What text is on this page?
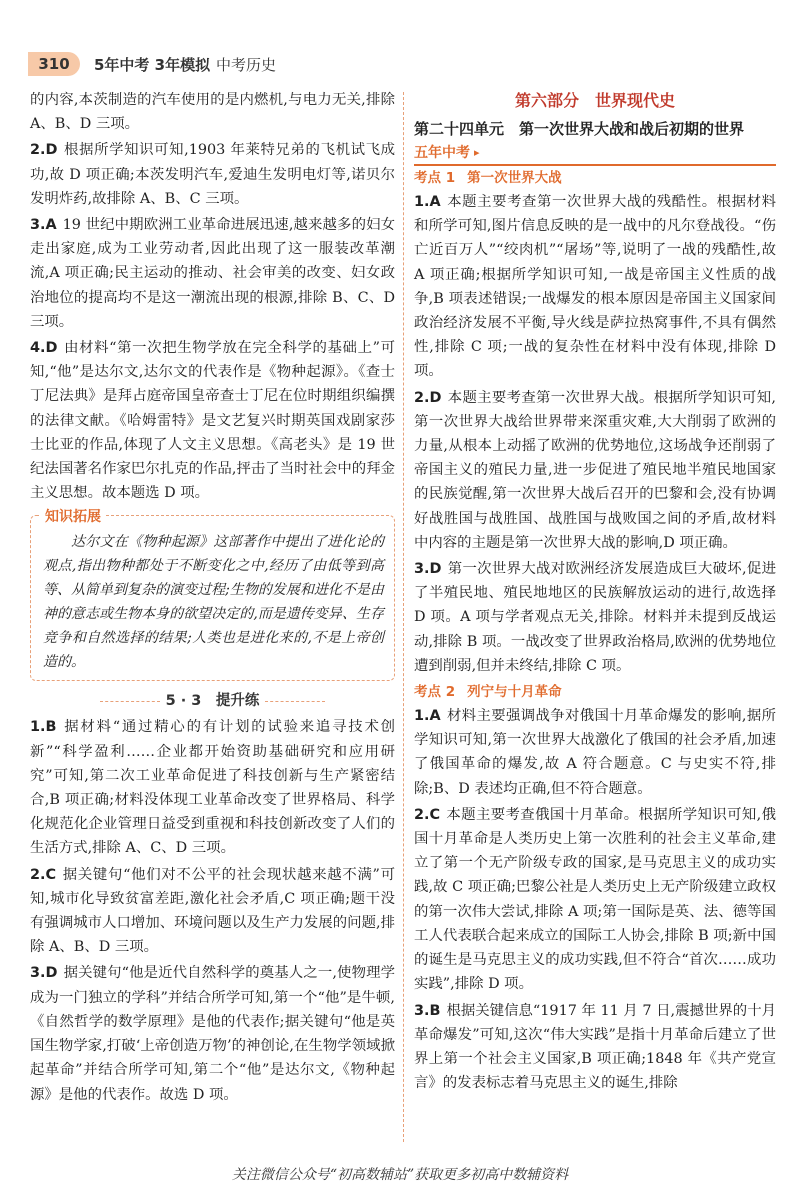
310	5年中考 3年模拟 中考历史

的内容,本茨制造的汽车使用的是内燃机,与电力无关,排除 A、B、D 三项。

2.D 根据所学知识可知,1903 年莱特兄弟的飞机试飞成功,故 D 项正确;本茨发明汽车,爱迪生发明电灯等,诺贝尔发明炸药,故排除 A、B、C 三项。

3.A 19 世纪中期欧洲工业革命进展迅速,越来越多的妇女走出家庭,成为工业劳动者,因此出现了这一服装改革潮流,A 项正确;民主运动的推动、社会审美的改变、妇女政治地位的提高均不是这一潮流出现的根源,排除 B、C、D 三项。

4.D 由材料“第一次把生物学放在完全科学的基础上”可知,“他”是达尔文,达尔文的代表作是《物种起源》。《查士丁尼法典》是拜占庭帝国皇帝查士丁尼在位时期组织编撰的法律文献。《哈姆雷特》是文艺复兴时期英国戏剧家莎士比亚的作品,体现了人文主义思想。《高老头》是 19 世纪法国著名作家巴尔扎克的作品,抨击了当时社会中的拜金主义思想。故本题选 D 项。

知识拓展

达尔文在《物种起源》这部著作中提出了进化论的观点,指出物种都处于不断变化之中,经历了由低等到高等、从简单到复杂的演变过程;生物的发展和进化不是由神的意志或生物本身的欲望决定的,而是遗传变异、生存竞争和自然选择的结果;人类也是进化来的,不是上帝创造的。

5 · 3　提升练

1.B 据材料“通过精心的有计划的试验来追寻技术创新”“科学盈利……企业都开始资助基础研究和应用研究”可知,第二次工业革命促进了科技创新与生产紧密结合,B 项正确;材料没体现工业革命改变了世界格局、科学化规范化企业管理日益受到重视和科技创新改变了人们的生活方式,排除 A、C、D 三项。

2.C 据关键句“他们对不公平的社会现状越来越不满”可知,城市化导致贫富差距,激化社会矛盾,C 项正确;题干没有强调城市人口增加、环境问题以及生产力发展的问题,排除 A、B、D 三项。

3.D 据关键句“他是近代自然科学的奠基人之一,使物理学成为一门独立的学科”并结合所学可知,第一个“他”是牛顿,《自然哲学的数学原理》是他的代表作;据关键句“他是英国生物学家,打破‘上帝创造万物’的神创论,在生物学领域掀起革命”并结合所学可知,第二个“他”是达尔文,《物种起源》是他的代表作。故选 D 项。

第六部分　世界现代史
第二十四单元　第一次世界大战和战后初期的世界
五年中考 ▸
考点 1 第一次世界大战

1.A 本题主要考查第一次世界大战的残酷性。根据材料和所学可知,图片信息反映的是一战中的凡尔登战役。“伤亡近百万人”“绞肉机”“屠场”等,说明了一战的残酷性,故 A 项正确;根据所学知识可知,一战是帝国主义性质的战争,B 项表述错误;一战爆发的根本原因是帝国主义国家间政治经济发展不平衡,导火线是萨拉热窝事件,不具有偶然性,排除 C 项;一战的复杂性在材料中没有体现,排除 D 项。

2.D 本题主要考查第一次世界大战。根据所学知识可知,第一次世界大战给世界带来深重灾难,大大削弱了欧洲的力量,从根本上动摇了欧洲的优势地位,这场战争还削弱了帝国主义的殖民力量,进一步促进了殖民地半殖民地国家的民族觉醒,第一次世界大战后召开的巴黎和会,没有协调好战胜国与战胜国、战胜国与战败国之间的矛盾,故材料中内容的主题是第一次世界大战的影响,D 项正确。

3.D 第一次世界大战对欧洲经济发展造成巨大破坏,促进了半殖民地、殖民地地区的民族解放运动的进行,故选择 D 项。A 项与学者观点无关,排除。材料并未提到反战运动,排除 B 项。一战改变了世界政治格局,欧洲的优势地位遭到削弱,但并未终结,排除 C 项。

考点 2 列宁与十月革命

1.A 材料主要强调战争对俄国十月革命爆发的影响,据所学知识可知,第一次世界大战激化了俄国的社会矛盾,加速了俄国革命的爆发,故 A 符合题意。C 与史实不符,排除;B、D 表述均正确,但不符合题意。

2.C 本题主要考查俄国十月革命。根据所学知识可知,俄国十月革命是人类历史上第一次胜利的社会主义革命,建立了第一个无产阶级专政的国家,是马克思主义的成功实践,故 C 项正确;巴黎公社是人类历史上无产阶级建立政权的第一次伟大尝试,排除 A 项;第一国际是英、法、德等国工人代表联合起来成立的国际工人协会,排除 B 项;新中国的诞生是马克思主义的成功实践,但不符合“首次……成功实践”,排除 D 项。

3.B 根据关键信息“1917 年 11 月 7 日,震撼世界的十月革命爆发”可知,这次“伟大实践”是指十月革命后建立了世界上第一个社会主义国家,B 项正确;1848 年《共产党宣言》的发表标志着马克思主义的诞生,排除

关注微信公众号“初高数辅站”获取更多初高中数辅资料
